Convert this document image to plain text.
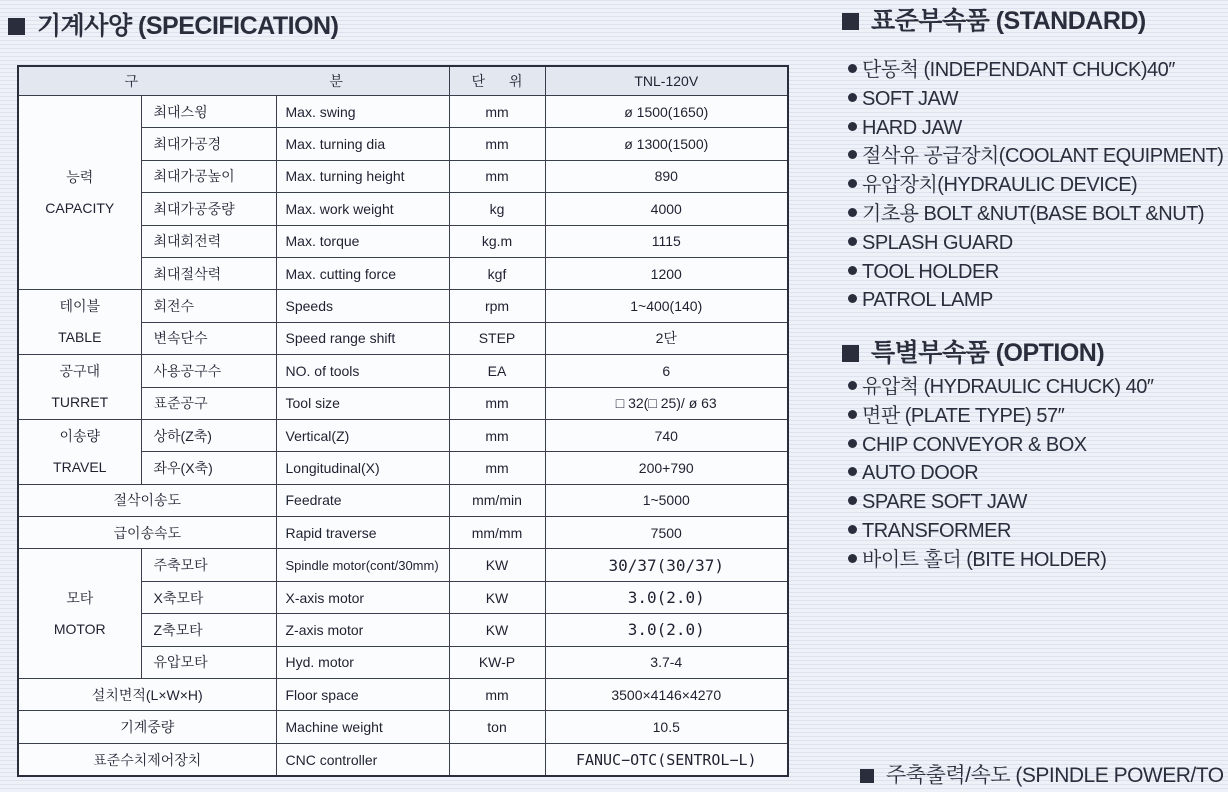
기계사양 (SPECIFICATION)	표준부속품 (STANDARD)
특별부속품 (OPTION)
주축출력/속도 (SPINDLE POWER/TO
구 분			단 위	TNL-120V

능력
CAPACITY	최대스윙	Max. swing	mm	ø 1500(1650)
	최대가공경	Max. turning dia	mm	ø 1300(1500)
	최대가공높이	Max. turning height	mm	890
	최대가공중량	Max. work weight	kg	4000
	최대회전력	Max. torque	kg.m	1115
	최대절삭력	Max. cutting force	kgf	1200

테이블
TABLE	회전수	Speeds	rpm	1~400(140)
	변속단수	Speed range shift	STEP	2단

공구대
TURRET	사용공구수	NO. of tools	EA	6
	표준공구	Tool size	mm	□ 32(□ 25)/ ø 63

이송량
TRAVEL	상하(Z축)	Vertical(Z)	mm	740
	좌우(X축)	Longitudinal(X)	mm	200+790
절삭이송도		Feedrate	mm/min	1~5000
급이송속도		Rapid traverse	mm/mm	7500

모타
MOTOR	주축모타	Spindle motor(cont/30mm)	KW	30/37(30/37)
	X축모타	X-axis motor	KW	3.0(2.0)
	Z축모타	Z-axis motor	KW	3.0(2.0)
	유압모타	Hyd. motor	KW-P	3.7-4
설치면적(L×W×H)		Floor space	mm	3500×4146×4270
기계중량		Machine weight	ton	10.5
표준수치제어장치		CNC controller		FANUC−OTC(SENTROL−L)
단동척 (INDEPENDANT CHUCK)40″
SOFT JAW
HARD JAW
절삭유 공급장치(COOLANT EQUIPMENT)
유압장치(HYDRAULIC DEVICE)
기초용 BOLT &NUT(BASE BOLT &NUT)
SPLASH GUARD
TOOL HOLDER
PATROL LAMP
유압척 (HYDRAULIC CHUCK) 40″
면판 (PLATE TYPE) 57″
CHIP CONVEYOR & BOX
AUTO DOOR
SPARE SOFT JAW
TRANSFORMER
바이트 홀더 (BITE HOLDER)
